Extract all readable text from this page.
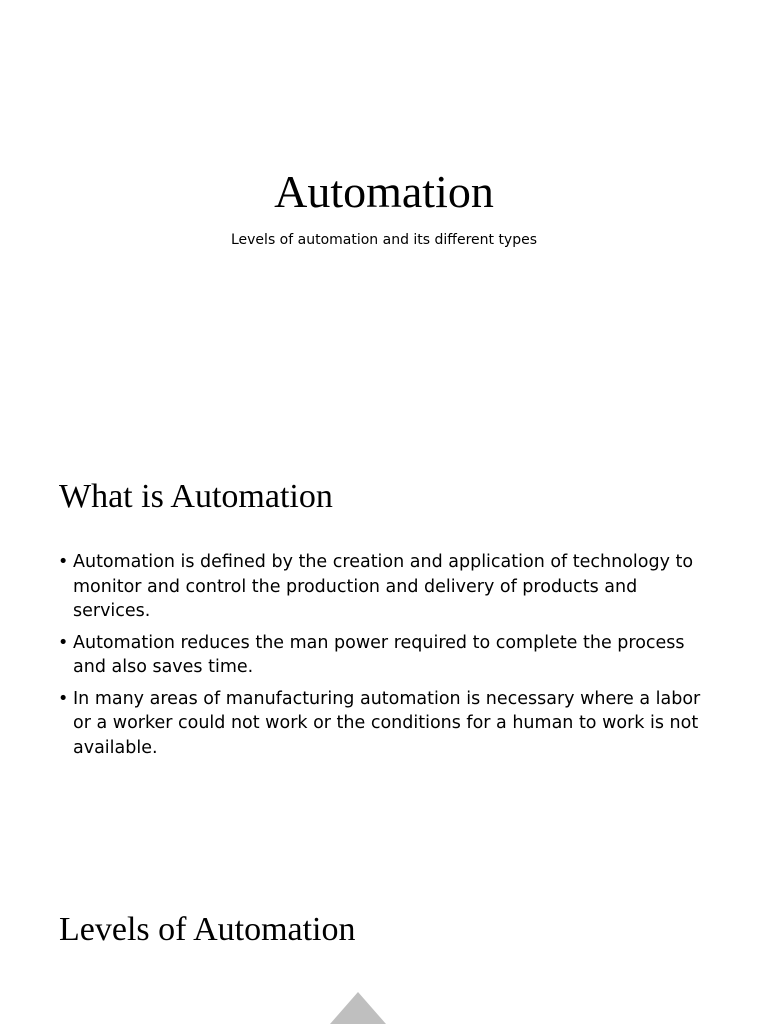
Automation

Levels of automation and its different types

What is Automation
• Automation is defined by the creation and application of technology to monitor and control the production and delivery of products and services.
• Automation reduces the man power required to complete the process and also saves time.
• In many areas of manufacturing automation is necessary where a labor or a worker could not work or the conditions for a human to work is not available.
Levels of Automation
